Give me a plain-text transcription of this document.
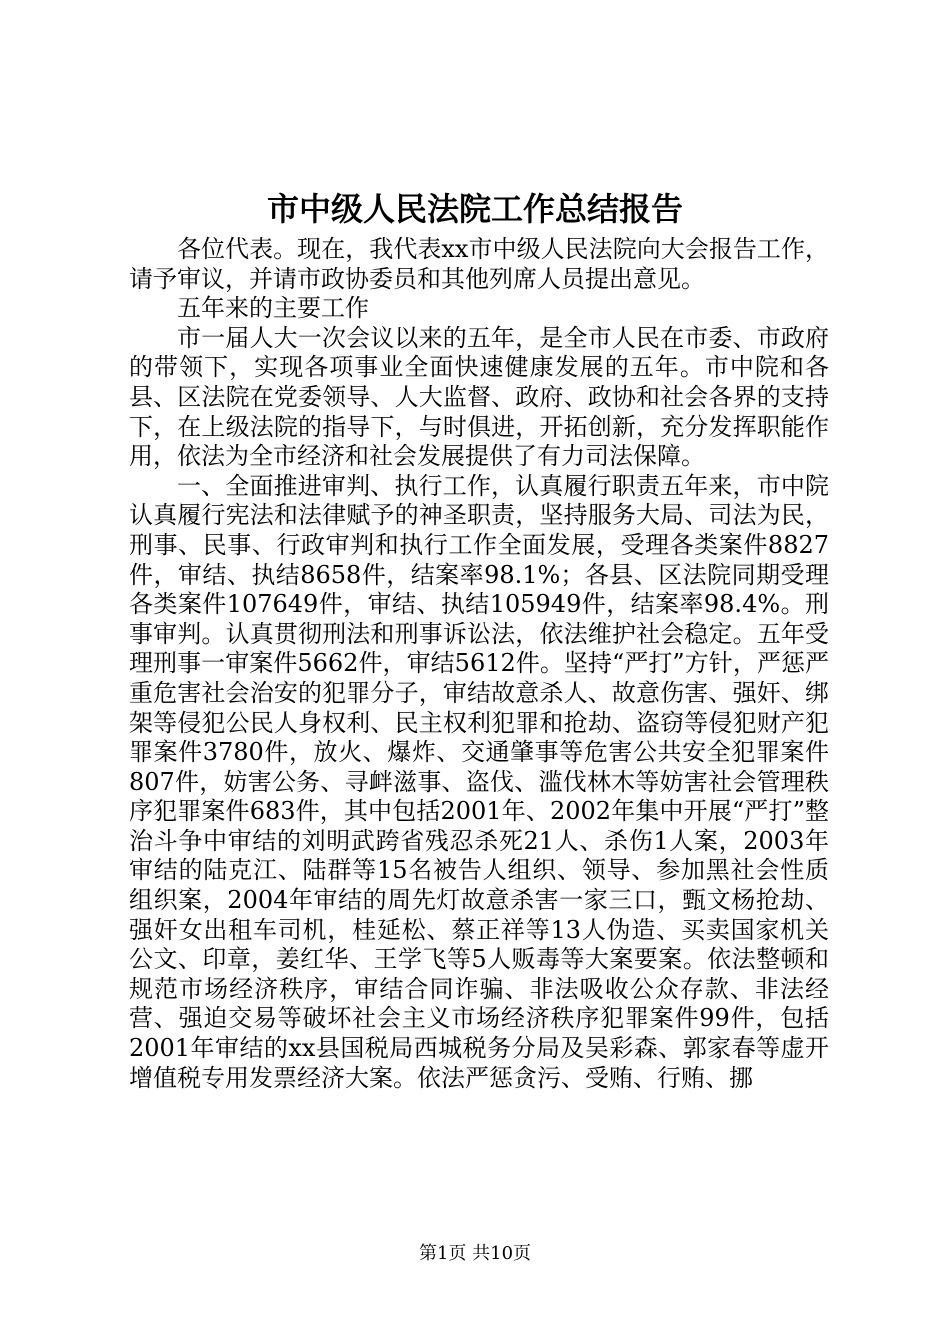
市中级人民法院工作总结报告

各位代表。现在，我代表xx市中级人民法院向大会报告工作，请予审议，并请市政协委员和其他列席人员提出意见。

五年来的主要工作

市一届人大一次会议以来的五年，是全市人民在市委、市政府的带领下，实现各项事业全面快速健康发展的五年。市中院和各县、区法院在党委领导、人大监督、政府、政协和社会各界的支持下，在上级法院的指导下，与时俱进，开拓创新，充分发挥职能作用，依法为全市经济和社会发展提供了有力司法保障。

一、全面推进审判、执行工作，认真履行职责五年来，市中院认真履行宪法和法律赋予的神圣职责，坚持服务大局、司法为民，刑事、民事、行政审判和执行工作全面发展，受理各类案件8827件，审结、执结8658件，结案率98.1%；各县、区法院同期受理各类案件107649件，审结、执结105949件，结案率98.4%。刑事审判。认真贯彻刑法和刑事诉讼法，依法维护社会稳定。五年受理刑事一审案件5662件，审结5612件。坚持“严打”方针，严惩严重危害社会治安的犯罪分子，审结故意杀人、故意伤害、强奸、绑架等侵犯公民人身权利、民主权利犯罪和抢劫、盗窃等侵犯财产犯罪案件3780件，放火、爆炸、交通肇事等危害公共安全犯罪案件807件，妨害公务、寻衅滋事、盗伐、滥伐林木等妨害社会管理秩序犯罪案件683件，其中包括2001年、2002年集中开展“严打”整治斗争中审结的刘明武跨省残忍杀死21人、杀伤1人案，2003年审结的陆克江、陆群等15名被告人组织、领导、参加黑社会性质组织案，2004年审结的周先灯故意杀害一家三口，甄文杨抢劫、强奸女出租车司机，桂延松、蔡正祥等13人伪造、买卖国家机关公文、印章，姜红华、王学飞等5人贩毒等大案要案。依法整顿和规范市场经济秩序，审结合同诈骗、非法吸收公众存款、非法经营、强迫交易等破坏社会主义市场经济秩序犯罪案件99件，包括2001年审结的xx县国税局西城税务分局及吴彩森、郭家春等虚开增值税专用发票经济大案。依法严惩贪污、受贿、行贿、挪

第1页 共10页
